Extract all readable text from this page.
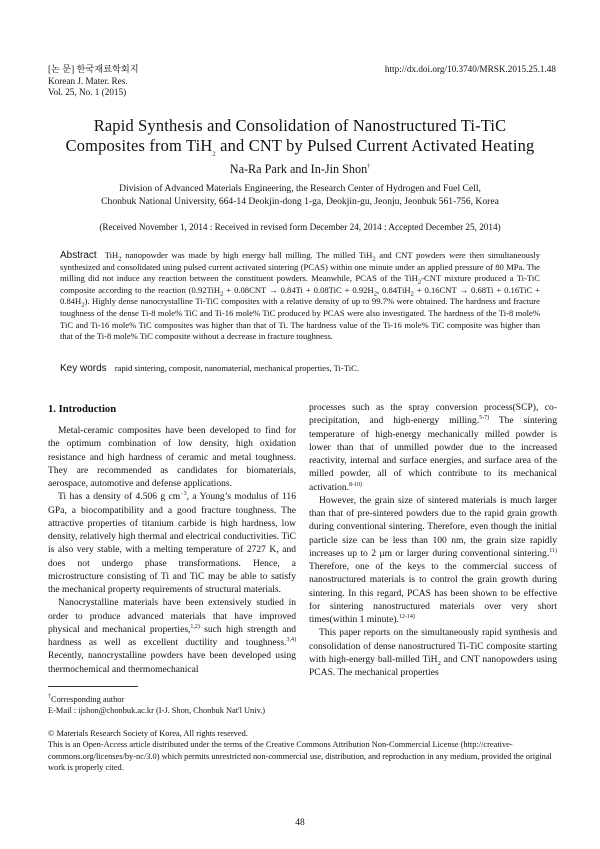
[논 문] 한국재료학회지
Korean J. Mater. Res.
Vol. 25, No. 1 (2015)
http://dx.doi.org/10.3740/MRSK.2015.25.1.48
Rapid Synthesis and Consolidation of Nanostructured Ti-TiC
Composites from TiH$_2$ and CNT by Pulsed Current Activated Heating
Na-Ra Park and In-Jin Shon†
Division of Advanced Materials Engineering, the Research Center of Hydrogen and Fuel Cell,
Chonbuk National University, 664-14 Deokjin-dong 1-ga, Deokjin-gu, Jeonju, Jeonbuk 561-756, Korea
(Received November 1, 2014 : Received in revised form December 24, 2014 : Accepted December 25, 2014)
Abstract TiH$_2$ nanopowder was made by high energy ball milling. The milled TiH$_2$ and CNT powders were then simultaneously synthesized and consolidated using pulsed current activated sintering (PCAS) within one minute under an applied pressure of 80 MPa. The milling did not induce any reaction between the constituent powders. Meanwhile, PCAS of the TiH$_2$-CNT mixture produced a Ti-TiC composite according to the reaction ($0.92TiH_2 + 0.08CNT \to 0.84Ti + 0.08TiC + 0.92H_2$, $0.84TiH_2 + 0.16CNT \to 0.68Ti + 0.16TiC + 0.84H_2$). Highly dense nanocrystalline Ti-TiC composites with a relative density of up to 99.7% were obtained. The hardness and fracture toughness of the dense Ti-8 mole% TiC and Ti-16 mole% TiC produced by PCAS were also investigated. The hardness of the Ti-8 mole% TiC and Ti-16 mole% TiC composites was higher than that of Ti. The hardness value of the Ti-16 mole% TiC composite was higher than that of the Ti-8 mole% TiC composite without a decrease in fracture toughness.
Key words rapid sintering, composit, nanomaterial, mechanical properties, Ti-TiC.
1. Introduction

Metal-ceramic composites have been developed to find for the optimum combination of low density, high oxidation resistance and high hardness of ceramic and metal toughness. They are recommended as candidates for biomaterials, aerospace, automotive and defense applications.

Ti has a density of 4.506 g $cm^{-3}$, a Young’s modulus of 116 GPa, a biocompatibility and a good fracture toughness. The attractive properties of titanium carbide is high hardness, low density, relatively high thermal and electrical conductivities. TiC is also very stable, with a melting temperature of 2727 K, and does not undergo phase transformations. Hence, a microstructure consisting of Ti and TiC may be able to satisfy the mechanical property requirements of structural materials.

Nanocrystalline materials have been extensively studied in order to produce advanced materials that have improved physical and mechanical properties,$^{1,2)}$ such high strength and hardness as well as excellent ductility and toughness.$^{3,4)}$ Recently, nanocrystalline powders have been developed using thermochemical and thermomechanical

processes such as the spray conversion process(SCP), co-precipitation, and high-energy milling.$^{5-7)}$ The sintering temperature of high-energy mechanically milled powder is lower than that of unmilled powder due to the increased reactivity, internal and surface energies, and surface area of the milled powder, all of which contribute to its mechanical activation.$^{8-10)}$

However, the grain size of sintered materials is much larger than that of pre-sintered powders due to the rapid grain growth during conventional sintering. Therefore, even though the initial particle size can be less than 100 nm, the grain size rapidly increases up to 2 μm or larger during conventional sintering.$^{11)}$ Therefore, one of the keys to the commercial success of nanostructured materials is to control the grain growth during sintering. In this regard, PCAS has been shown to be effective for sintering nanostructured materials over very short times(within 1 minute).$^{12-14)}$

This paper reports on the simultaneously rapid synthesis and consolidation of dense nanostructured Ti-TiC composite starting with high-energy ball-milled TiH$_2$ and CNT nanopowders using PCAS. The mechanical properties

†Corresponding author
E-Mail : ijshon@chonbuk.ac.kr (I-J. Shon, Chonbuk Nat'l Univ.)
© Materials Research Society of Korea, All rights reserved.
This is an Open-Access article distributed under the terms of the Creative Commons Attribution Non-Commercial License (http://creative-commons.org/licenses/by-nc/3.0) which permits unrestricted non-commercial use, distribution, and reproduction in any medium, provided the original work is properly cited.
48
